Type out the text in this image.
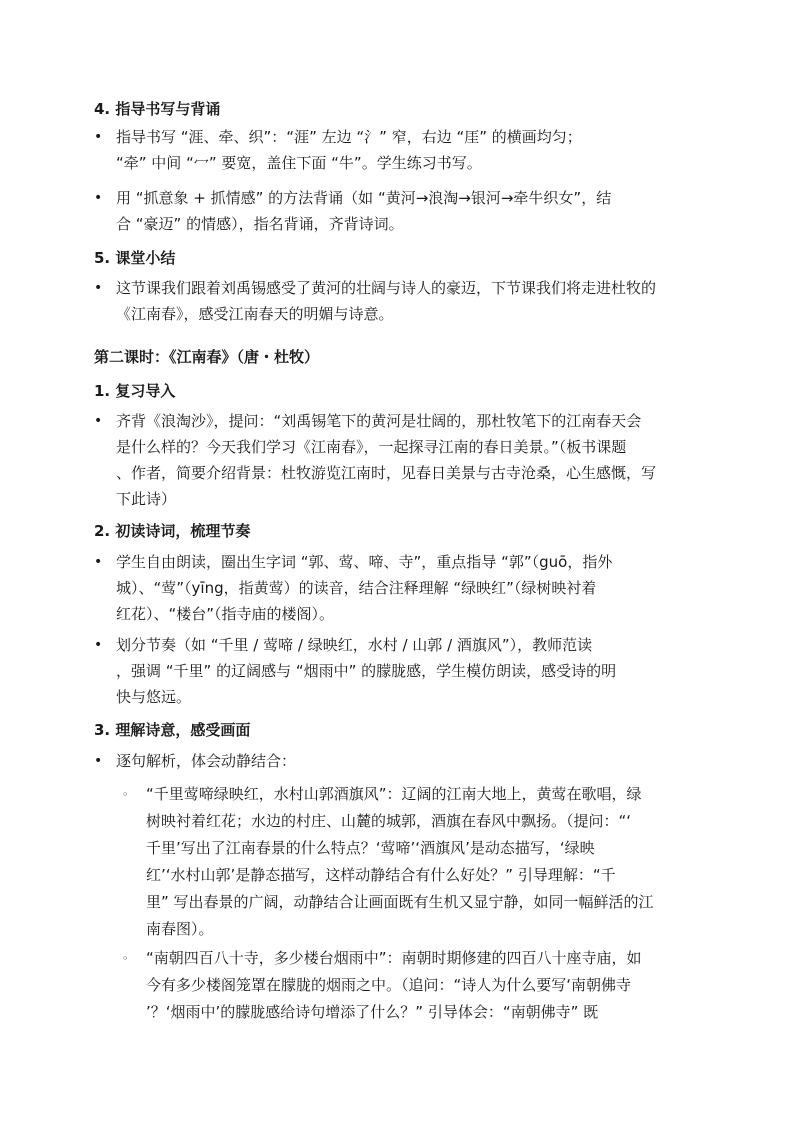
4. 指导书写与背诵
• 指导书写 “涯、牵、织”：“涯” 左边 “氵” 窄，右边 “厓” 的横画均匀；
“牵” 中间 “冖” 要宽，盖住下面 “牛”。学生练习书写。
• 用 “抓意象 + 抓情感” 的方法背诵（如 “黄河→浪淘→银河→牵牛织女”，结
合 “豪迈” 的情感），指名背诵，齐背诗词。
5. 课堂小结
• 这节课我们跟着刘禹锡感受了黄河的壮阔与诗人的豪迈，下节课我们将走进杜牧的
《江南春》，感受江南春天的明媚与诗意。
第二课时：《江南春》（唐・杜牧）
1. 复习导入
• 齐背《浪淘沙》，提问：“刘禹锡笔下的黄河是壮阔的，那杜牧笔下的江南春天会
是什么样的？今天我们学习《江南春》，一起探寻江南的春日美景。”（板书课题
、作者，简要介绍背景：杜牧游览江南时，见春日美景与古寺沧桑，心生感慨，写
下此诗）
2. 初读诗词，梳理节奏
• 学生自由朗读，圈出生字词 “郭、莺、啼、寺”，重点指导 “郭”（guō，指外
城）、“莺”（yīng，指黄莺）的读音，结合注释理解 “绿映红”（绿树映衬着
红花）、“楼台”（指寺庙的楼阁）。
• 划分节奏（如 “千里 / 莺啼 / 绿映红，水村 / 山郭 / 酒旗风”），教师范读
，强调 “千里” 的辽阔感与 “烟雨中” 的朦胧感，学生模仿朗读，感受诗的明
快与悠远。
3. 理解诗意，感受画面
• 逐句解析，体会动静结合：
◦ “千里莺啼绿映红，水村山郭酒旗风”：辽阔的江南大地上，黄莺在歌唱，绿
树映衬着红花；水边的村庄、山麓的城郭，酒旗在春风中飘扬。（提问：“‘
千里’写出了江南春景的什么特点？‘莺啼’‘酒旗风’是动态描写，‘绿映
红’‘水村山郭’是静态描写，这样动静结合有什么好处？” 引导理解：“千
里” 写出春景的广阔，动静结合让画面既有生机又显宁静，如同一幅鲜活的江
南春图）。
◦ “南朝四百八十寺，多少楼台烟雨中”：南朝时期修建的四百八十座寺庙，如
今有多少楼阁笼罩在朦胧的烟雨之中。（追问：“诗人为什么要写‘南朝佛寺
’？‘烟雨中’的朦胧感给诗句增添了什么？” 引导体会：“南朝佛寺” 既
